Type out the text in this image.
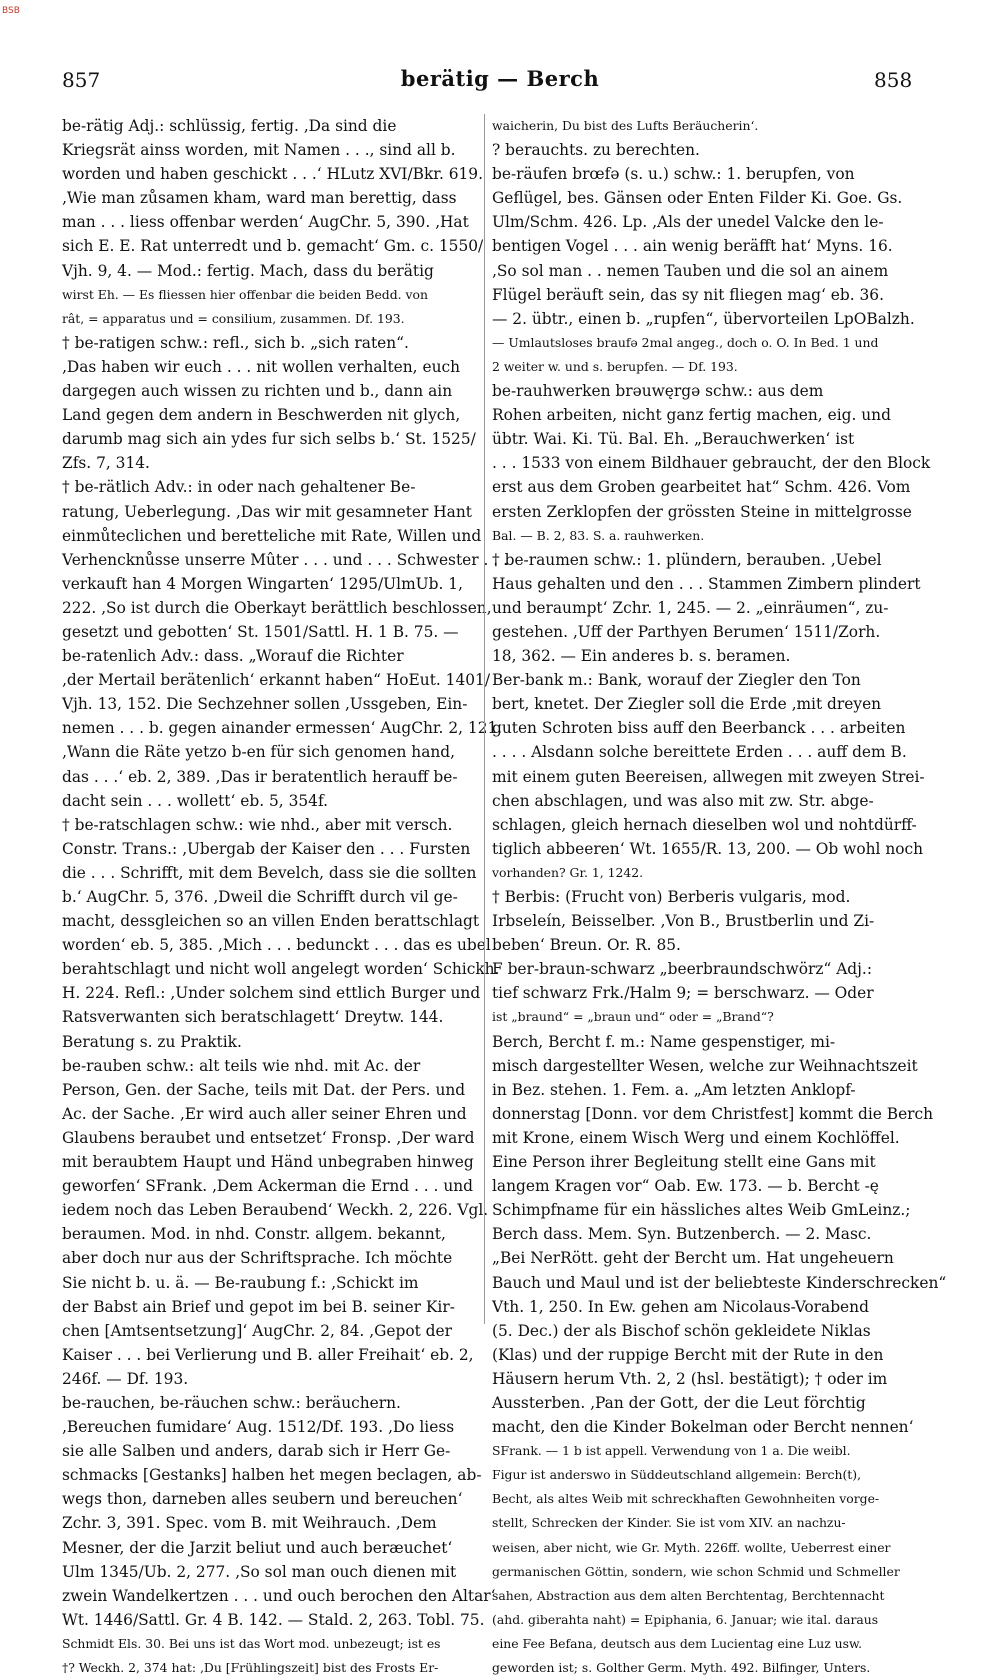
BSB
857	berätig — Berch	858
be-rätig Adj.: schlüssig, fertig. ‚Da sind die
Kriegsrät ainss worden, mit Namen . . ., sind all b.
worden und haben geschickt . . .‘ HLutz XVI/Bkr. 619.
‚Wie man zůsamen kham, ward man berettig, dass
man . . . liess offenbar werden‘ AugChr. 5, 390. ‚Hat
sich E. E. Rat unterredt und b. gemacht‘ Gm. c. 1550/
Vjh. 9, 4. — Mod.: fertig. Mach, dass du berätig
wirst Eh. — Es fliessen hier offenbar die beiden Bedd. von
rât, = apparatus und = consilium, zusammen. Df. 193.
† be-ratigen schw.: refl., sich b. „sich raten“.
‚Das haben wir euch . . . nit wollen verhalten, euch
dargegen auch wissen zu richten und b., dann ain
Land gegen dem andern in Beschwerden nit glych,
darumb mag sich ain ydes fur sich selbs b.‘ St. 1525/
Zfs. 7, 314.
† be-rätlich Adv.: in oder nach gehaltener Be-
ratung, Ueberlegung. ‚Das wir mit gesamneter Hant
einmůteclichen und beretteliche mit Rate, Willen und
Verhencknůsse unserre Mûter . . . und . . . Schwester . . .
verkauft han 4 Morgen Wingarten‘ 1295/UlmUb. 1,
222. ‚So ist durch die Oberkayt berättlich beschlossen,
gesetzt und gebotten‘ St. 1501/Sattl. H. 1 B. 75. —
be-ratenlich Adv.: dass. „Worauf die Richter
‚der Mertail berätenlich‘ erkannt haben“ HoEut. 1401/
Vjh. 13, 152. Die Sechzehner sollen ‚Ussgeben, Ein-
nemen . . . b. gegen ainander ermessen‘ AugChr. 2, 121.
‚Wann die Räte yetzo b-en für sich genomen hand,
das . . .‘ eb. 2, 389. ‚Das ir beratentlich herauff be-
dacht sein . . . wollett‘ eb. 5, 354f.
† be-ratschlagen schw.: wie nhd., aber mit versch.
Constr. Trans.: ‚Ubergab der Kaiser den . . . Fursten
die . . . Schrifft, mit dem Bevelch, dass sie die sollten
b.‘ AugChr. 5, 376. ‚Dweil die Schrifft durch vil ge-
macht, dessgleichen so an villen Enden berattschlagt
worden‘ eb. 5, 385. ‚Mich . . . bedunckt . . . das es ubel
berahtschlagt und nicht woll angelegt worden‘ Schickh.
H. 224. Refl.: ‚Under solchem sind ettlich Burger und
Ratsverwanten sich beratschlagett‘ Dreytw. 144.
Beratung s. zu Praktik.
be-rauben schw.: alt teils wie nhd. mit Ac. der
Person, Gen. der Sache, teils mit Dat. der Pers. und
Ac. der Sache. ‚Er wird auch aller seiner Ehren und
Glaubens beraubet und entsetzet‘ Fronsp. ‚Der ward
mit beraubtem Haupt und Händ unbegraben hinweg
geworfen‘ SFrank. ‚Dem Ackerman die Ernd . . . und
iedem noch das Leben Beraubend‘ Weckh. 2, 226. Vgl.
beraumen. Mod. in nhd. Constr. allgem. bekannt,
aber doch nur aus der Schriftsprache. Ich möchte
Sie nicht b. u. ä. — Be-raubung f.: ‚Schickt im
der Babst ain Brief und gepot im bei B. seiner Kir-
chen [Amtsentsetzung]‘ AugChr. 2, 84. ‚Gepot der
Kaiser . . . bei Verlierung und B. aller Freihait‘ eb. 2,
246f. — Df. 193.
be-rauchen, be-räuchen schw.: beräuchern.
‚Bereuchen fumidare‘ Aug. 1512/Df. 193. ‚Do liess
sie alle Salben und anders, darab sich ir Herr Ge-
schmacks [Gestanks] halben het megen beclagen, ab-
wegs thon, darneben alles seubern und bereuchen‘
Zchr. 3, 391. Spec. vom B. mit Weihrauch. ‚Dem
Mesner, der die Jarzit beliut und auch beræuchet‘
Ulm 1345/Ub. 2, 277. ‚So sol man ouch dienen mit
zwein Wandelkertzen . . . und ouch berochen den Altar‘
Wt. 1446/Sattl. Gr. 4 B. 142. — Stald. 2, 263. Tobl. 75.
Schmidt Els. 30. Bei uns ist das Wort mod. unbezeugt; ist es
†? Weckh. 2, 374 hat: ‚Du [Frühlingszeit] bist des Frosts Er-
waicherin, Du bist des Lufts Beräucherin‘.
? berauchts. zu berechten.
be-räufen brœfə (s. u.) schw.: 1. berupfen, von
Geflügel, bes. Gänsen oder Enten Filder Ki. Goe. Gs.
Ulm/Schm. 426. Lp. ‚Als der unedel Valcke den le-
bentigen Vogel . . . ain wenig beräfft hat‘ Myns. 16.
‚So sol man . . nemen Tauben und die sol an ainem
Flügel beräuft sein, das sy nit fliegen mag‘ eb. 36.
— 2. übtr., einen b. „rupfen“, übervorteilen LpOBalzh.
— Umlautsloses braufə 2mal angeg., doch o. O. In Bed. 1 und
2 weiter w. und s. berupfen. — Df. 193.
be-rauhwerken brəuwęrgə schw.: aus dem
Rohen arbeiten, nicht ganz fertig machen, eig. und
übtr. Wai. Ki. Tü. Bal. Eh. „Berauchwerken‘ ist
. . . 1533 von einem Bildhauer gebraucht, der den Block
erst aus dem Groben gearbeitet hat“ Schm. 426. Vom
ersten Zerklopfen der grössten Steine in mittelgrosse
Bal. — B. 2, 83. S. a. rauhwerken.
† be-raumen schw.: 1. plündern, berauben. ‚Uebel
Haus gehalten und den . . . Stammen Zimbern plindert
und beraumpt‘ Zchr. 1, 245. — 2. „einräumen“, zu-
gestehen. ‚Uff der Parthyen Berumen‘ 1511/Zorh.
18, 362. — Ein anderes b. s. beramen.
Ber-bank m.: Bank, worauf der Ziegler den Ton
bert, knetet. Der Ziegler soll die Erde ‚mit dreyen
guten Schroten biss auff den Beerbanck . . . arbeiten
. . . . Alsdann solche bereittete Erden . . . auff dem B.
mit einem guten Beereisen, allwegen mit zweyen Strei-
chen abschlagen, und was also mit zw. Str. abge-
schlagen, gleich hernach dieselben wol und nohtdürff-
tiglich abbeeren‘ Wt. 1655/R. 13, 200. — Ob wohl noch
vorhanden? Gr. 1, 1242.
† Berbis: (Frucht von) Berberis vulgaris, mod.
Irbseleín, Beisselber. ‚Von B., Brustberlin und Zi-
beben‘ Breun. Or. R. 85.
F ber-braun-schwarz „beerbraundschwörz“ Adj.:
tief schwarz Frk./Halm 9; = berschwarz. — Oder
ist „braund“ = „braun und“ oder = „Brand“?
Berch, Bercht f. m.: Name gespenstiger, mi-
misch dargestellter Wesen, welche zur Weihnachtszeit
in Bez. stehen. 1. Fem. a. „Am letzten Anklopf-
donnerstag [Donn. vor dem Christfest] kommt die Berch
mit Krone, einem Wisch Werg und einem Kochlöffel.
Eine Person ihrer Begleitung stellt eine Gans mit
langem Kragen vor“ Oab. Ew. 173. — b. Bercht -ę
Schimpfname für ein hässliches altes Weib GmLeinz.;
Berch dass. Mem. Syn. Butzenberch. — 2. Masc.
„Bei NerRött. geht der Bercht um. Hat ungeheuern
Bauch und Maul und ist der beliebteste Kinderschrecken“
Vth. 1, 250. In Ew. gehen am Nicolaus-Vorabend
(5. Dec.) der als Bischof schön gekleidete Niklas
(Klas) und der ruppige Bercht mit der Rute in den
Häusern herum Vth. 2, 2 (hsl. bestätigt); † oder im
Aussterben. ‚Pan der Gott, der die Leut förchtig
macht, den die Kinder Bokelman oder Bercht nennen‘
SFrank. — 1 b ist appell. Verwendung von 1 a. Die weibl.
Figur ist anderswo in Süddeutschland allgemein: Berch(t),
Becht, als altes Weib mit schreckhaften Gewohnheiten vorge-
stellt, Schrecken der Kinder. Sie ist vom XIV. an nachzu-
weisen, aber nicht, wie Gr. Myth. 226ff. wollte, Ueberrest einer
germanischen Göttin, sondern, wie schon Schmid und Schmeller
sahen, Abstraction aus dem alten Berchtentag, Berchtennacht
(ahd. giberahta naht) = Epiphania, 6. Januar; wie ital. daraus
eine Fee Befana, deutsch aus dem Lucientag eine Luz usw.
geworden ist; s. Golther Germ. Myth. 492. Bilfinger, Unters.
